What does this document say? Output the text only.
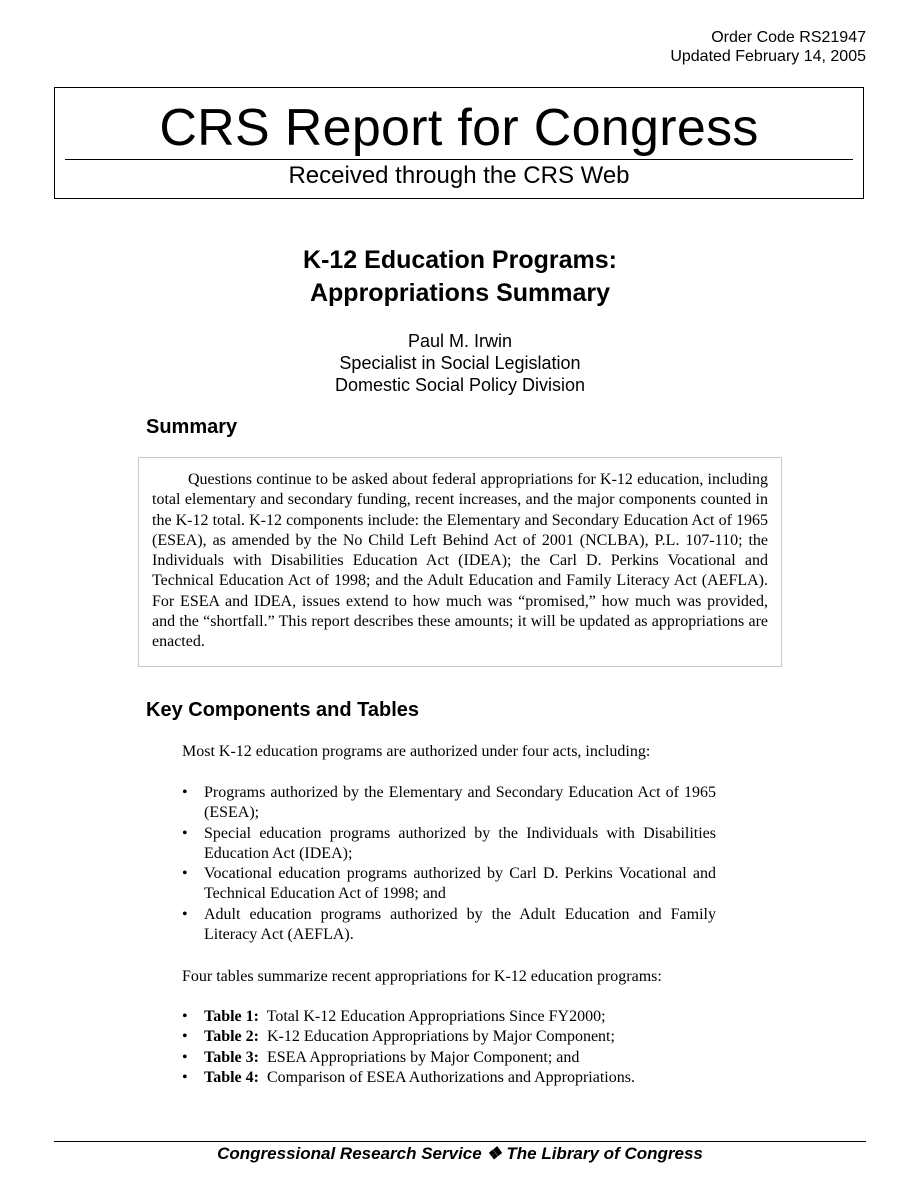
Order Code RS21947
Updated February 14, 2005
CRS Report for Congress
Received through the CRS Web
K-12 Education Programs:
Appropriations Summary
Paul M. Irwin
Specialist in Social Legislation
Domestic Social Policy Division
Summary

Questions continue to be asked about federal appropriations for K-12 education, including total elementary and secondary funding, recent increases, and the major components counted in the K-12 total. K-12 components include: the Elementary and Secondary Education Act of 1965 (ESEA), as amended by the No Child Left Behind Act of 2001 (NCLBA), P.L. 107-110; the Individuals with Disabilities Education Act (IDEA); the Carl D. Perkins Vocational and Technical Education Act of 1998; and the Adult Education and Family Literacy Act (AEFLA). For ESEA and IDEA, issues extend to how much was “promised,” how much was provided, and the “shortfall.” This report describes these amounts; it will be updated as appropriations are enacted.

Key Components and Tables

Most K-12 education programs are authorized under four acts, including:

•	Programs authorized by the Elementary and Secondary Education Act of 1965 (ESEA);
•	Special education programs authorized by the Individuals with Disabilities Education Act (IDEA);
•	Vocational education programs authorized by Carl D. Perkins Vocational and Technical Education Act of 1998; and
•	Adult education programs authorized by the Adult Education and Family Literacy Act (AEFLA).

Four tables summarize recent appropriations for K-12 education programs:

•	Table 1: Total K-12 Education Appropriations Since FY2000;
•	Table 2: K-12 Education Appropriations by Major Component;
•	Table 3: ESEA Appropriations by Major Component; and
•	Table 4: Comparison of ESEA Authorizations and Appropriations.
Congressional Research Service ❖ The Library of Congress
